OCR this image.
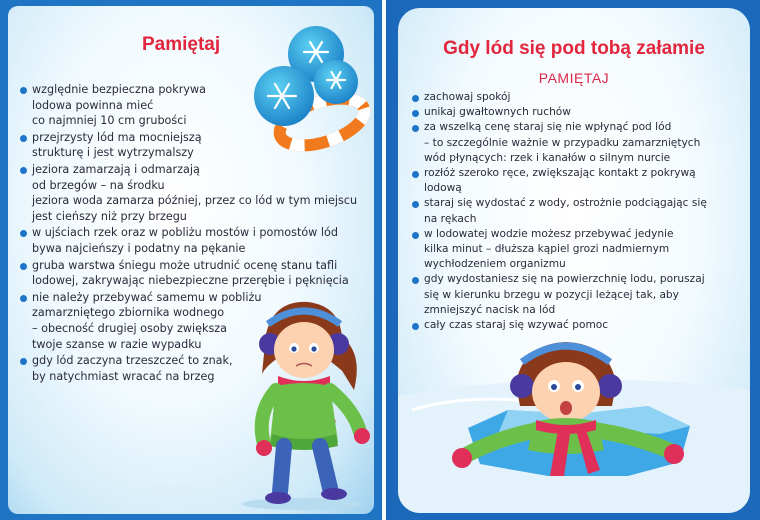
Pamiętaj
względnie bezpieczna pokrywa
lodowa powinna mieć
co najmniej 10 cm grubości
przejrzysty lód ma mocniejszą
strukturę i jest wytrzymalszy
jeziora zamarzają i odmarzają
od brzegów – na środku
jeziora woda zamarza później, przez co lód w tym miejscu
jest cieńszy niż przy brzegu
w ujściach rzek oraz w pobliżu mostów i pomostów lód
bywa najcieńszy i podatny na pękanie
gruba warstwa śniegu może utrudnić ocenę stanu tafli
lodowej, zakrywając niebezpieczne przerębie i pęknięcia
nie należy przebywać samemu w pobliżu
zamarzniętego zbiornika wodnego
– obecność drugiej osoby zwiększa
twoje szanse w razie wypadku
gdy lód zaczyna trzeszczeć to znak,
by natychmiast wracać na brzeg
Gdy lód się pod tobą załamie
PAMIĘTAJ
zachowaj spokój
unikaj gwałtownych ruchów
za wszelką cenę staraj się nie wpłynąć pod lód
– to szczególnie ważnie w przypadku zamarzniętych
wód płynących: rzek i kanałów o silnym nurcie
rozłóż szeroko ręce, zwiększając kontakt z pokrywą
lodową
staraj się wydostać z wody, ostrożnie podciągając się
na rękach
w lodowatej wodzie możesz przebywać jedynie
kilka minut – dłuższa kąpiel grozi nadmiernym
wychłodzeniem organizmu
gdy wydostaniesz się na powierzchnię lodu, poruszaj
się w kierunku brzegu w pozycji leżącej tak, aby
zmniejszyć nacisk na lód
cały czas staraj się wzywać pomoc
